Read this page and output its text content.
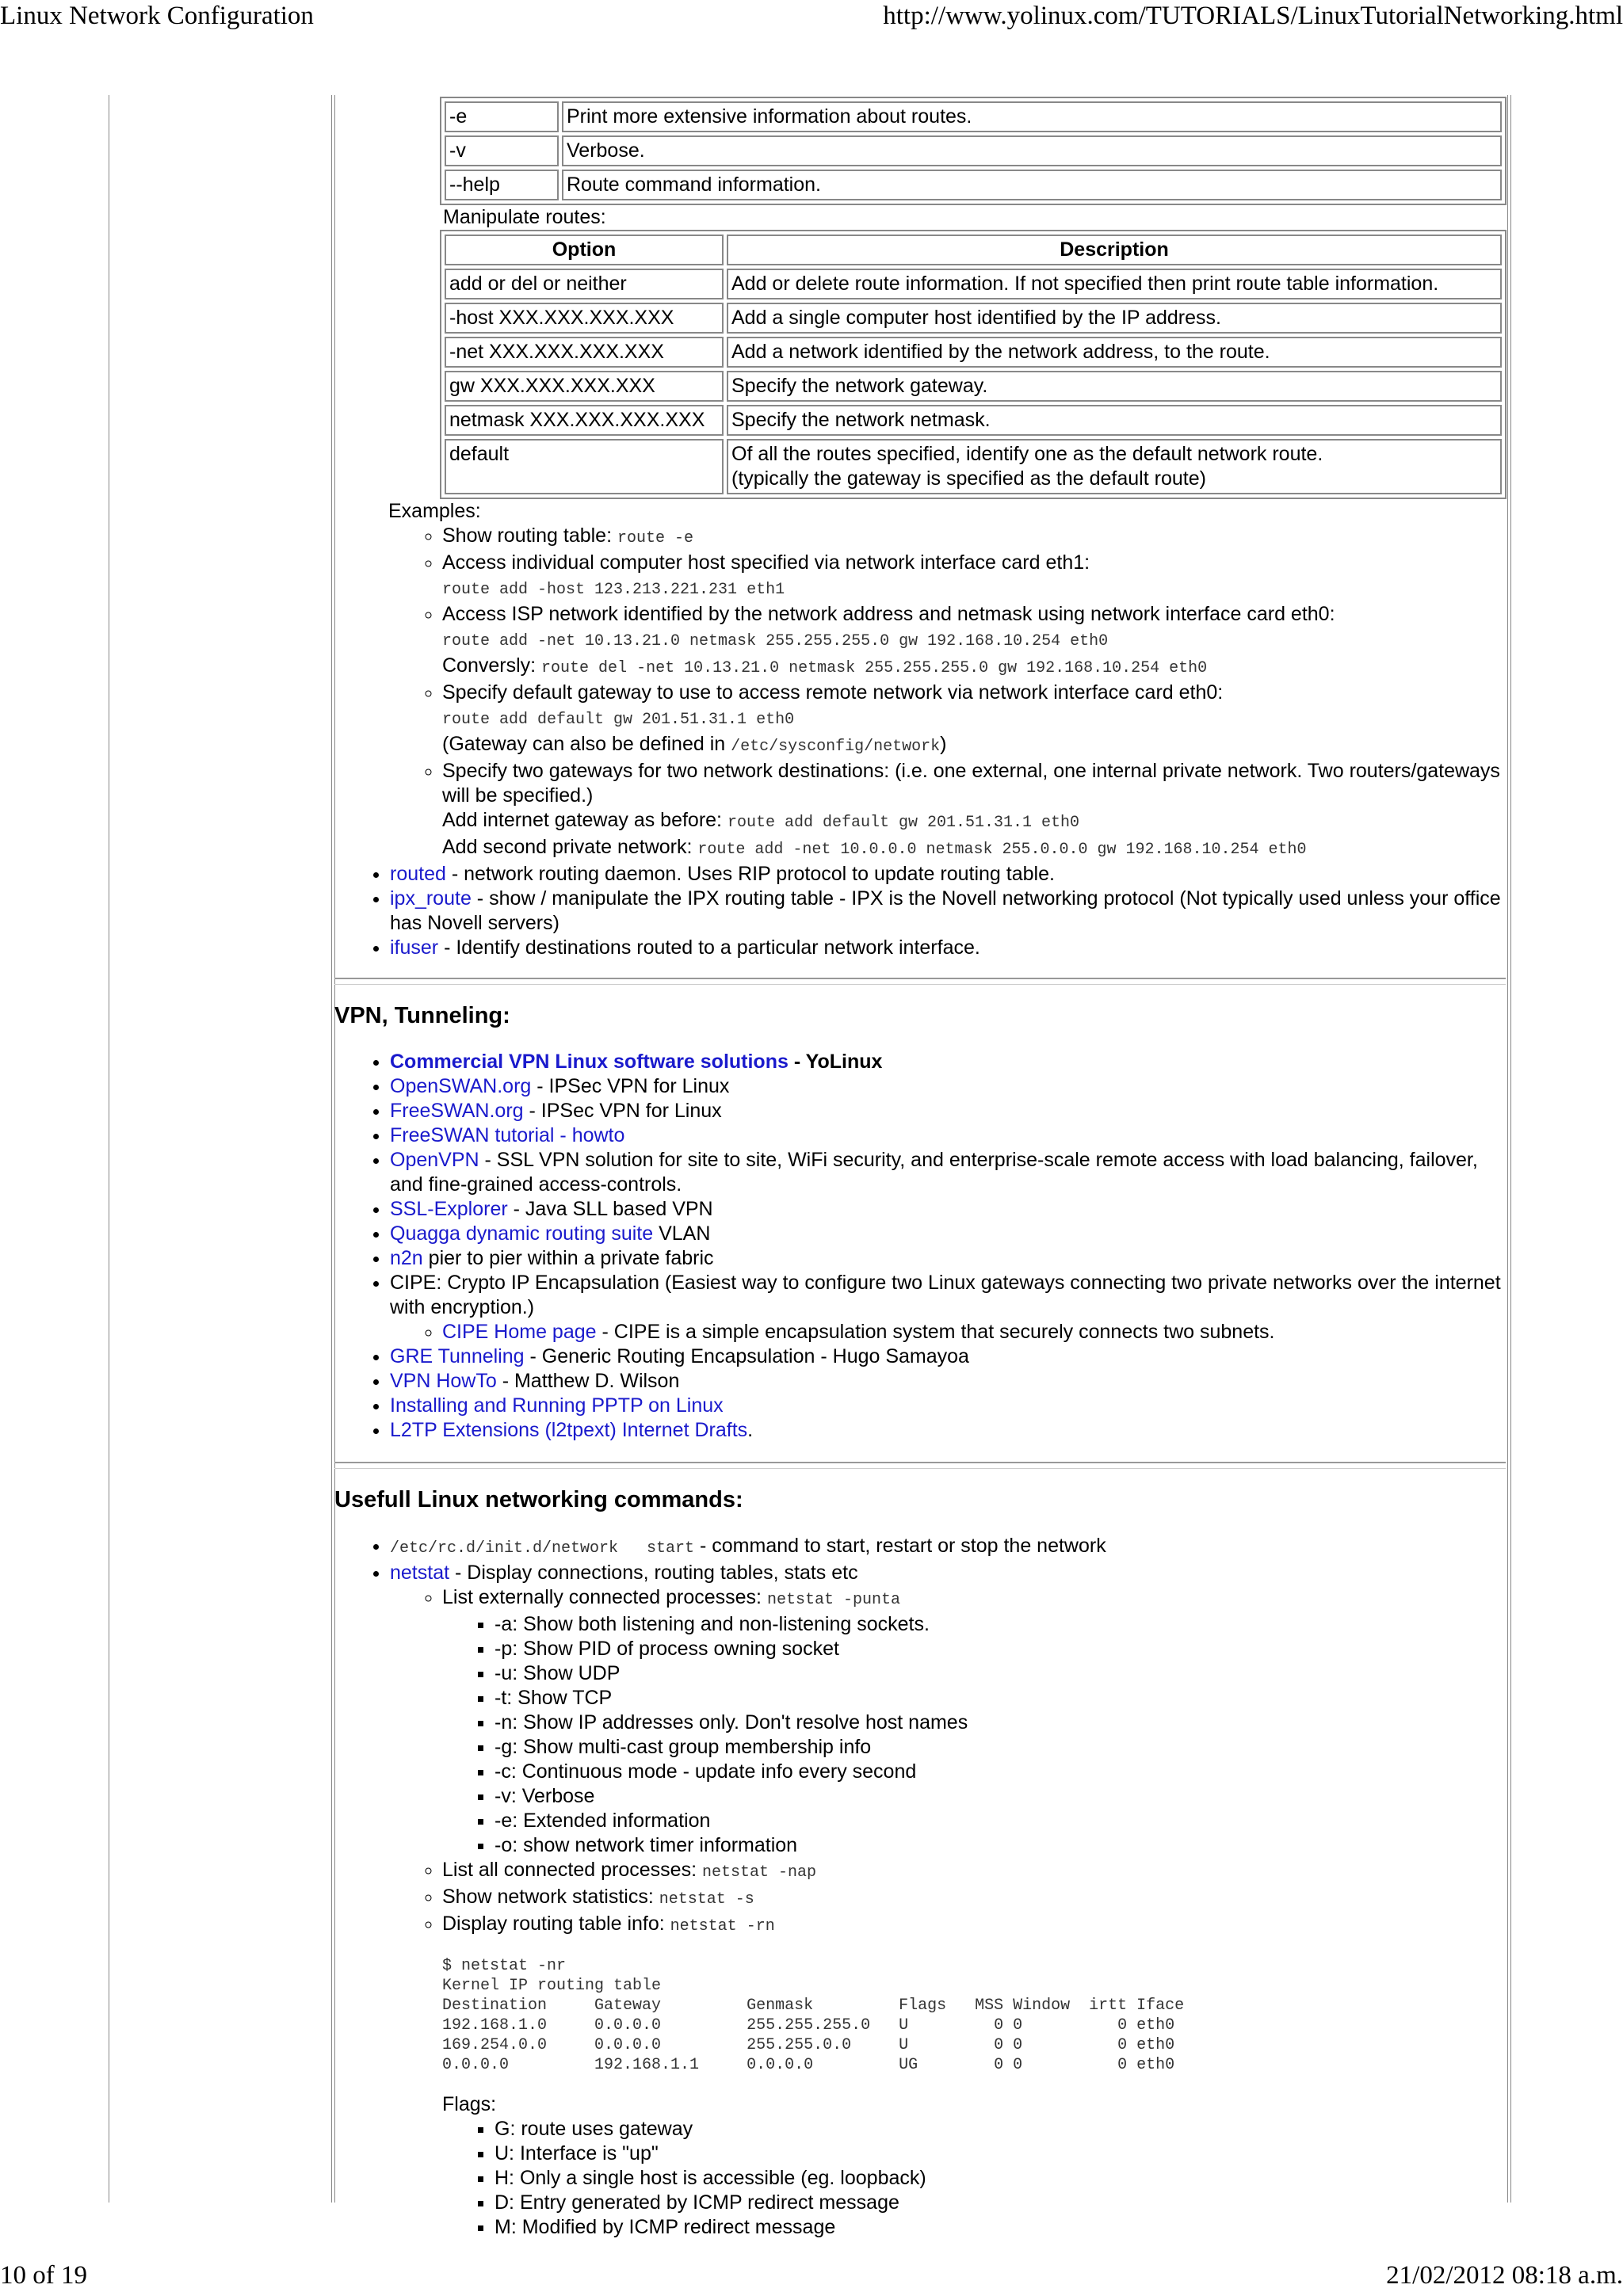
Linux Network Configuration	http://www.yolinux.com/TUTORIALS/LinuxTutorialNetworking.html
10 of 19	21/02/2012 08:18 a.m.
-e	Print more extensive information about routes.
-v	Verbose.
--help	Route command information.
Manipulate routes:
Option	Description
add or del or neither	Add or delete route information. If not specified then print route table information.
-host XXX.XXX.XXX.XXX	Add a single computer host identified by the IP address.
-net XXX.XXX.XXX.XXX	Add a network identified by the network address, to the route.
gw XXX.XXX.XXX.XXX	Specify the network gateway.
netmask XXX.XXX.XXX.XXX	Specify the network netmask.
default	Of all the routes specified, identify one as the default network route.
(typically the gateway is specified as the default route)
Examples:
◦ Show routing table: route -e
◦ Access individual computer host specified via network interface card eth1:
route add -host 123.213.221.231 eth1
◦ Access ISP network identified by the network address and netmask using network interface card eth0:
route add -net 10.13.21.0 netmask 255.255.255.0 gw 192.168.10.254 eth0
Conversly: route del -net 10.13.21.0 netmask 255.255.255.0 gw 192.168.10.254 eth0
◦ Specify default gateway to use to access remote network via network interface card eth0:
route add default gw 201.51.31.1 eth0
(Gateway can also be defined in /etc/sysconfig/network)
◦ Specify two gateways for two network destinations: (i.e. one external, one internal private network. Two routers/gateways will be specified.)
Add internet gateway as before: route add default gw 201.51.31.1 eth0
Add second private network: route add -net 10.0.0.0 netmask 255.0.0.0 gw 192.168.10.254 eth0
• routed - network routing daemon. Uses RIP protocol to update routing table.
• ipx_route - show / manipulate the IPX routing table - IPX is the Novell networking protocol (Not typically used unless your office has Novell servers)
• ifuser - Identify destinations routed to a particular network interface.
VPN, Tunneling:
• Commercial VPN Linux software solutions - YoLinux
• OpenSWAN.org - IPSec VPN for Linux
• FreeSWAN.org - IPSec VPN for Linux
• FreeSWAN tutorial - howto
• OpenVPN - SSL VPN solution for site to site, WiFi security, and enterprise-scale remote access with load balancing, failover, and fine-grained access-controls.
• SSL-Explorer - Java SLL based VPN
• Quagga dynamic routing suite VLAN
• n2n pier to pier within a private fabric
• CIPE: Crypto IP Encapsulation (Easiest way to configure two Linux gateways connecting two private networks over the internet with encryption.)
◦ CIPE Home page - CIPE is a simple encapsulation system that securely connects two subnets.
• GRE Tunneling - Generic Routing Encapsulation - Hugo Samayoa
• VPN HowTo - Matthew D. Wilson
• Installing and Running PPTP on Linux
• L2TP Extensions (l2tpext) Internet Drafts.
Usefull Linux networking commands:
• /etc/rc.d/init.d/network   start - command to start, restart or stop the network
• netstat - Display connections, routing tables, stats etc
◦ List externally connected processes: netstat -punta
▪ -a: Show both listening and non-listening sockets.
▪ -p: Show PID of process owning socket
▪ -u: Show UDP
▪ -t: Show TCP
▪ -n: Show IP addresses only. Don't resolve host names
▪ -g: Show multi-cast group membership info
▪ -c: Continuous mode - update info every second
▪ -v: Verbose
▪ -e: Extended information
▪ -o: show network timer information
◦ List all connected processes: netstat -nap
◦ Show network statistics: netstat -s
◦ Display routing table info: netstat -rn
$ netstat -nr
Kernel IP routing table
Destination     Gateway         Genmask         Flags   MSS Window  irtt Iface
192.168.1.0     0.0.0.0         255.255.255.0   U         0 0          0 eth0
169.254.0.0     0.0.0.0         255.255.0.0     U         0 0          0 eth0
0.0.0.0         192.168.1.1     0.0.0.0         UG        0 0          0 eth0
Flags:
▪ G: route uses gateway
▪ U: Interface is "up"
▪ H: Only a single host is accessible (eg. loopback)
▪ D: Entry generated by ICMP redirect message
▪ M: Modified by ICMP redirect message
